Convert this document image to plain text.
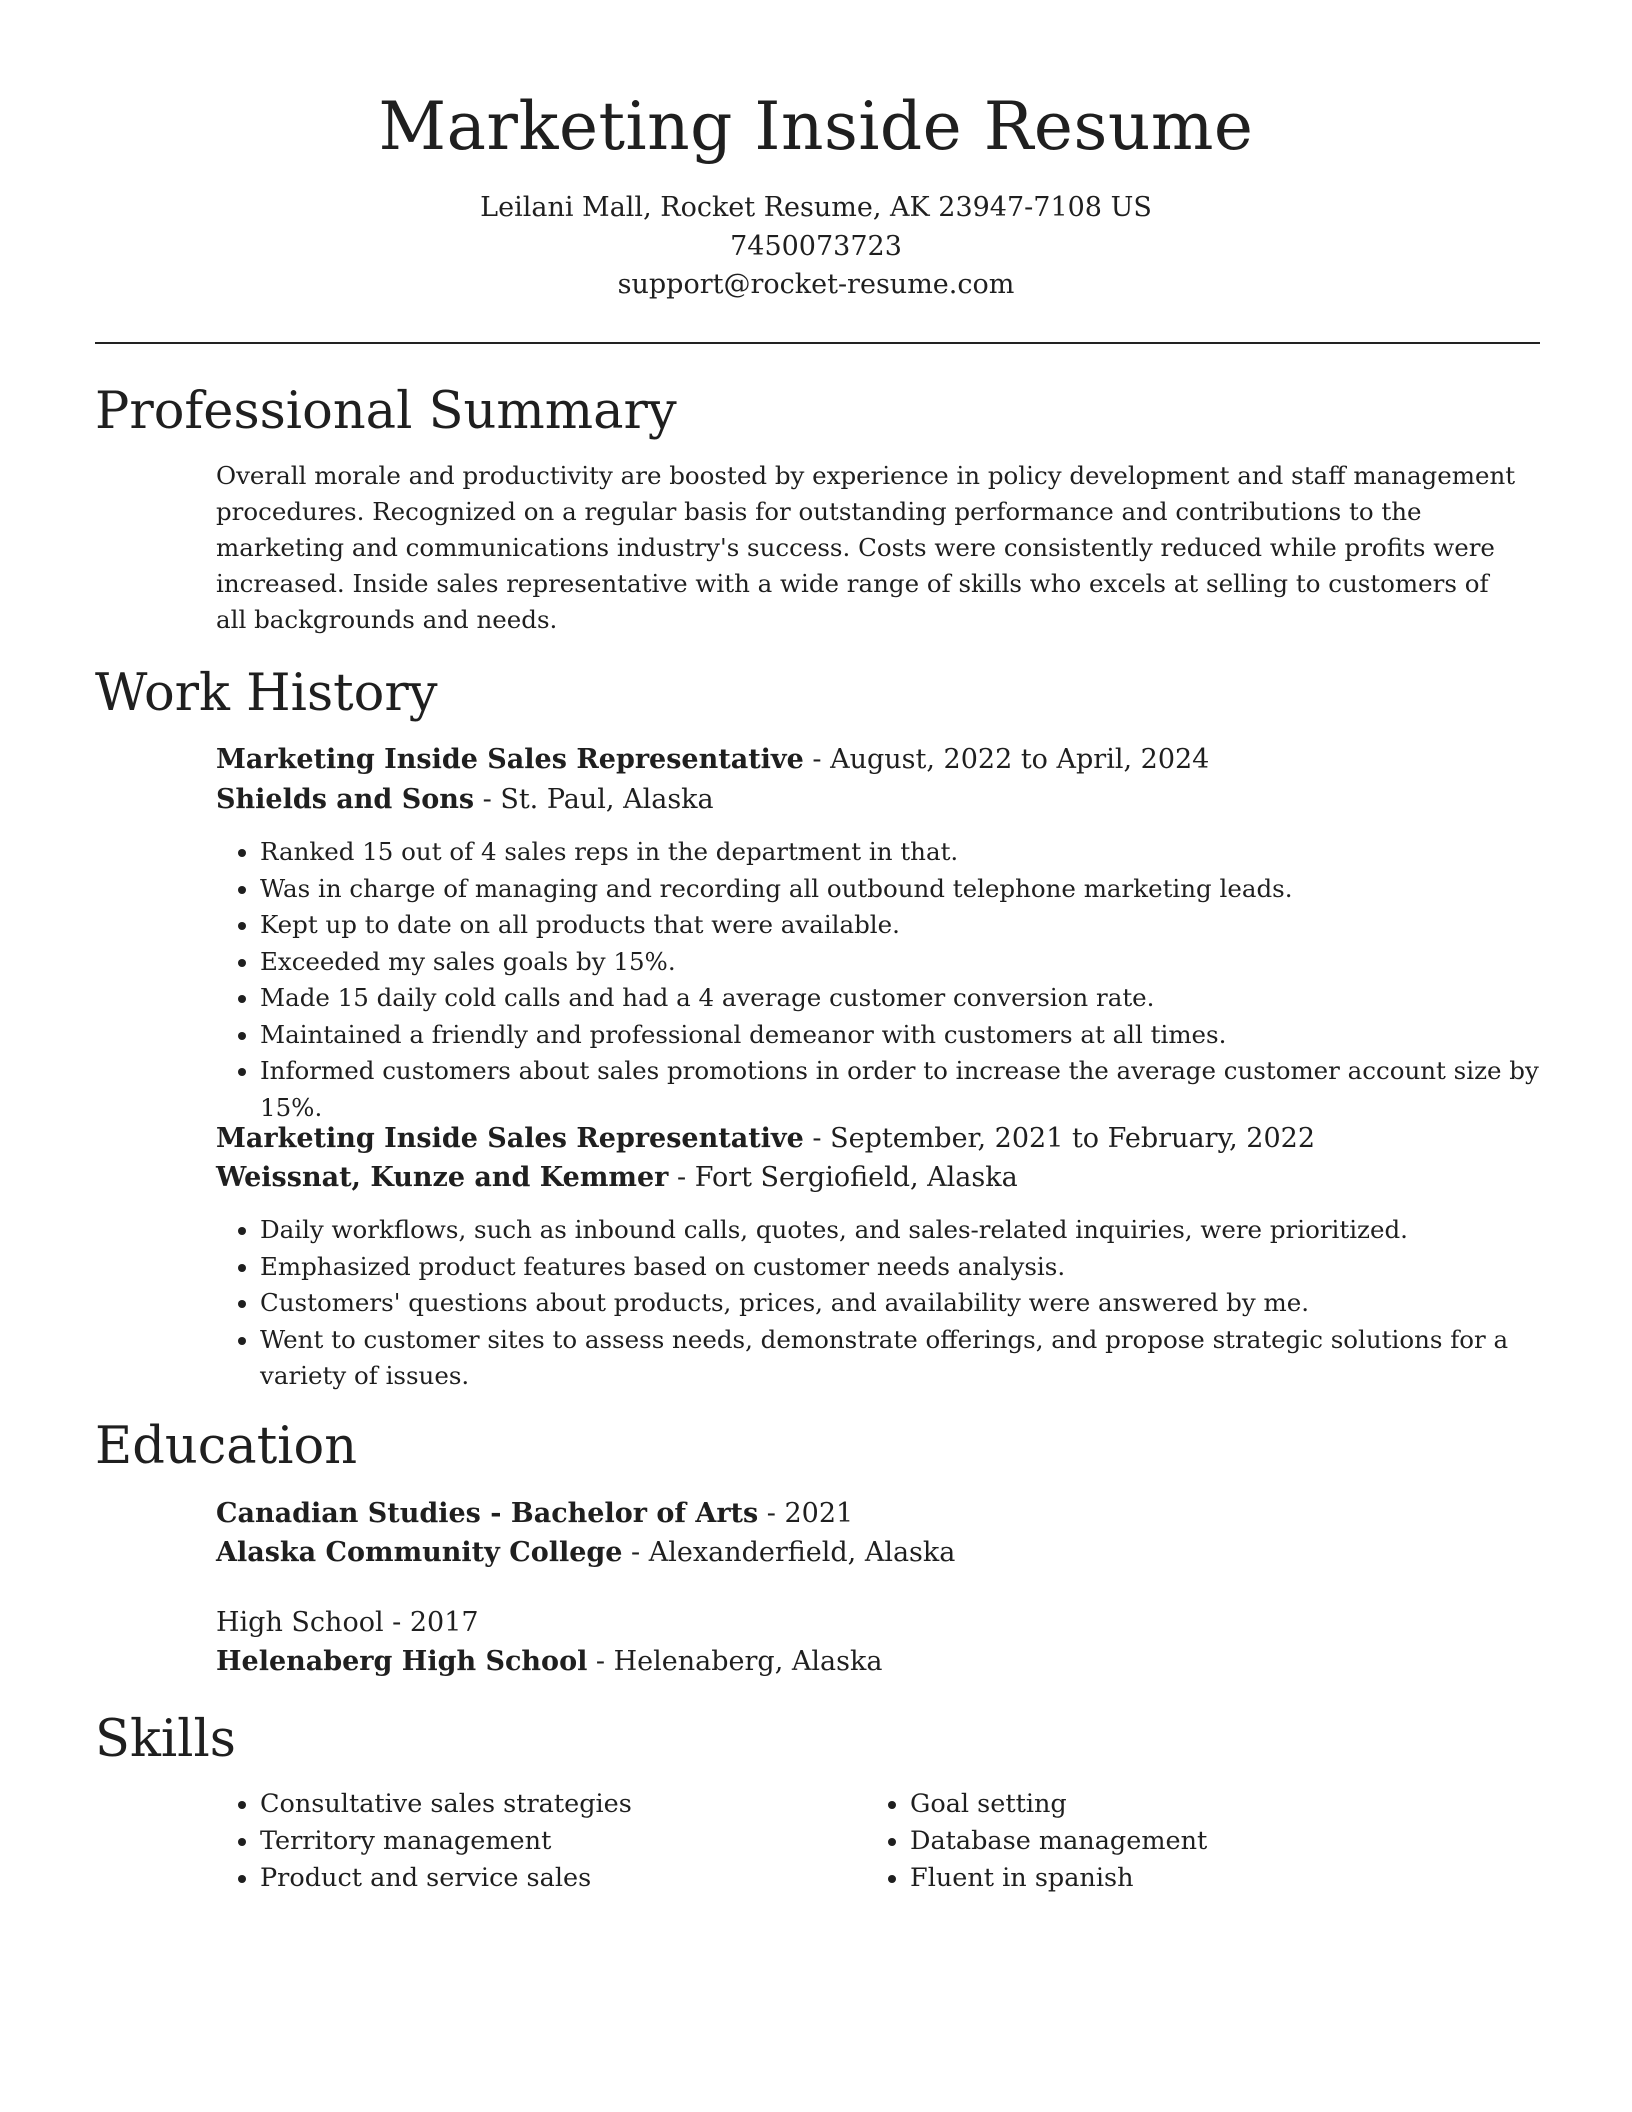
Marketing Inside Resume
Leilani Mall, Rocket Resume, AK 23947-7108 US
7450073723
support@rocket-resume.com
Professional Summary
Overall morale and productivity are boosted by experience in policy development and staff management procedures. Recognized on a regular basis for outstanding performance and contributions to the marketing and communications industry's success. Costs were consistently reduced while profits were increased. Inside sales representative with a wide range of skills who excels at selling to customers of all backgrounds and needs.
Work History
Marketing Inside Sales Representative - August, 2022 to April, 2024
Shields and Sons - St. Paul, Alaska
• Ranked 15 out of 4 sales reps in the department in that.
• Was in charge of managing and recording all outbound telephone marketing leads.
• Kept up to date on all products that were available.
• Exceeded my sales goals by 15%.
• Made 15 daily cold calls and had a 4 average customer conversion rate.
• Maintained a friendly and professional demeanor with customers at all times.
• Informed customers about sales promotions in order to increase the average customer account size by 15%.
Marketing Inside Sales Representative - September, 2021 to February, 2022
Weissnat, Kunze and Kemmer - Fort Sergiofield, Alaska
• Daily workflows, such as inbound calls, quotes, and sales-related inquiries, were prioritized.
• Emphasized product features based on customer needs analysis.
• Customers' questions about products, prices, and availability were answered by me.
• Went to customer sites to assess needs, demonstrate offerings, and propose strategic solutions for a variety of issues.
Education
Canadian Studies - Bachelor of Arts - 2021
Alaska Community College - Alexanderfield, Alaska
High School - 2017
Helenaberg High School - Helenaberg, Alaska
Skills
• Consultative sales strategies
• Territory management
• Product and service sales
• Goal setting
• Database management
• Fluent in spanish
